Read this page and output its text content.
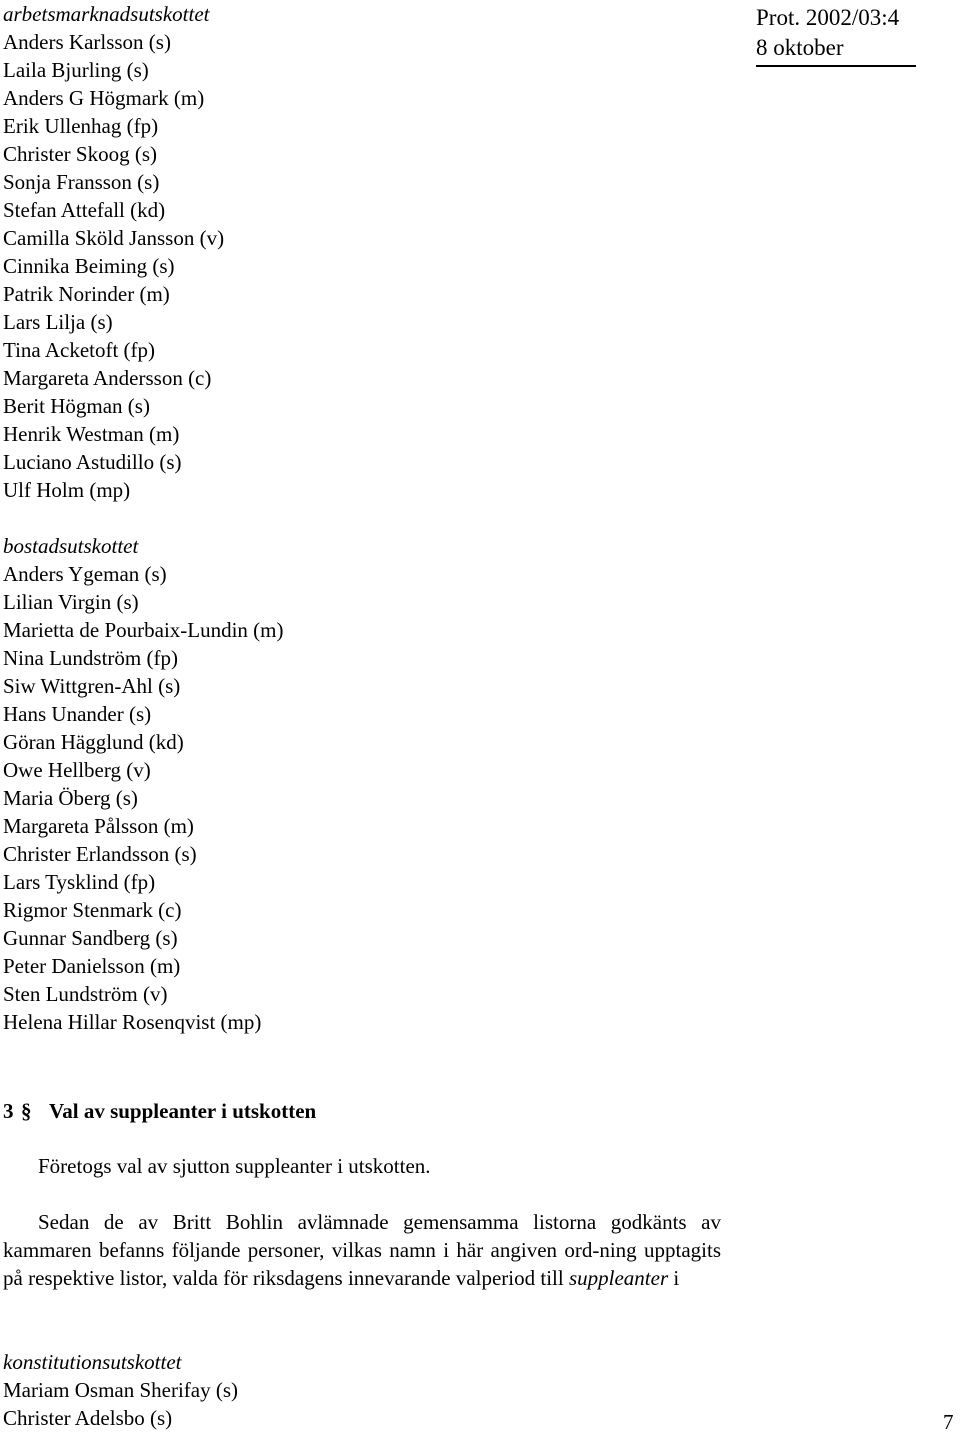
Prot. 2002/03:4
8 oktober
arbetsmarknadsutskottet
Anders Karlsson (s)
Laila Bjurling (s)
Anders G Högmark (m)
Erik Ullenhag (fp)
Christer Skoog (s)
Sonja Fransson (s)
Stefan Attefall (kd)
Camilla Sköld Jansson (v)
Cinnika Beiming (s)
Patrik Norinder (m)
Lars Lilja (s)
Tina Acketoft (fp)
Margareta Andersson (c)
Berit Högman (s)
Henrik Westman (m)
Luciano Astudillo (s)
Ulf Holm (mp)
bostadsutskottet
Anders Ygeman (s)
Lilian Virgin (s)
Marietta de Pourbaix-Lundin (m)
Nina Lundström (fp)
Siw Wittgren-Ahl (s)
Hans Unander (s)
Göran Hägglund (kd)
Owe Hellberg (v)
Maria Öberg (s)
Margareta Pålsson (m)
Christer Erlandsson (s)
Lars Tysklind (fp)
Rigmor Stenmark (c)
Gunnar Sandberg (s)
Peter Danielsson (m)
Sten Lundström (v)
Helena Hillar Rosenqvist (mp)
3 § Val av suppleanter i utskotten
Företogs val av sjutton suppleanter i utskotten.
Sedan de av Britt Bohlin avlämnade gemensamma listorna godkänts av kammaren befanns följande personer, vilkas namn i här angiven ord-ning upptagits på respektive listor, valda för riksdagens innevarande valperiod till suppleanter i
konstitutionsutskottet
Mariam Osman Sherifay (s)
Christer Adelsbo (s)	7
